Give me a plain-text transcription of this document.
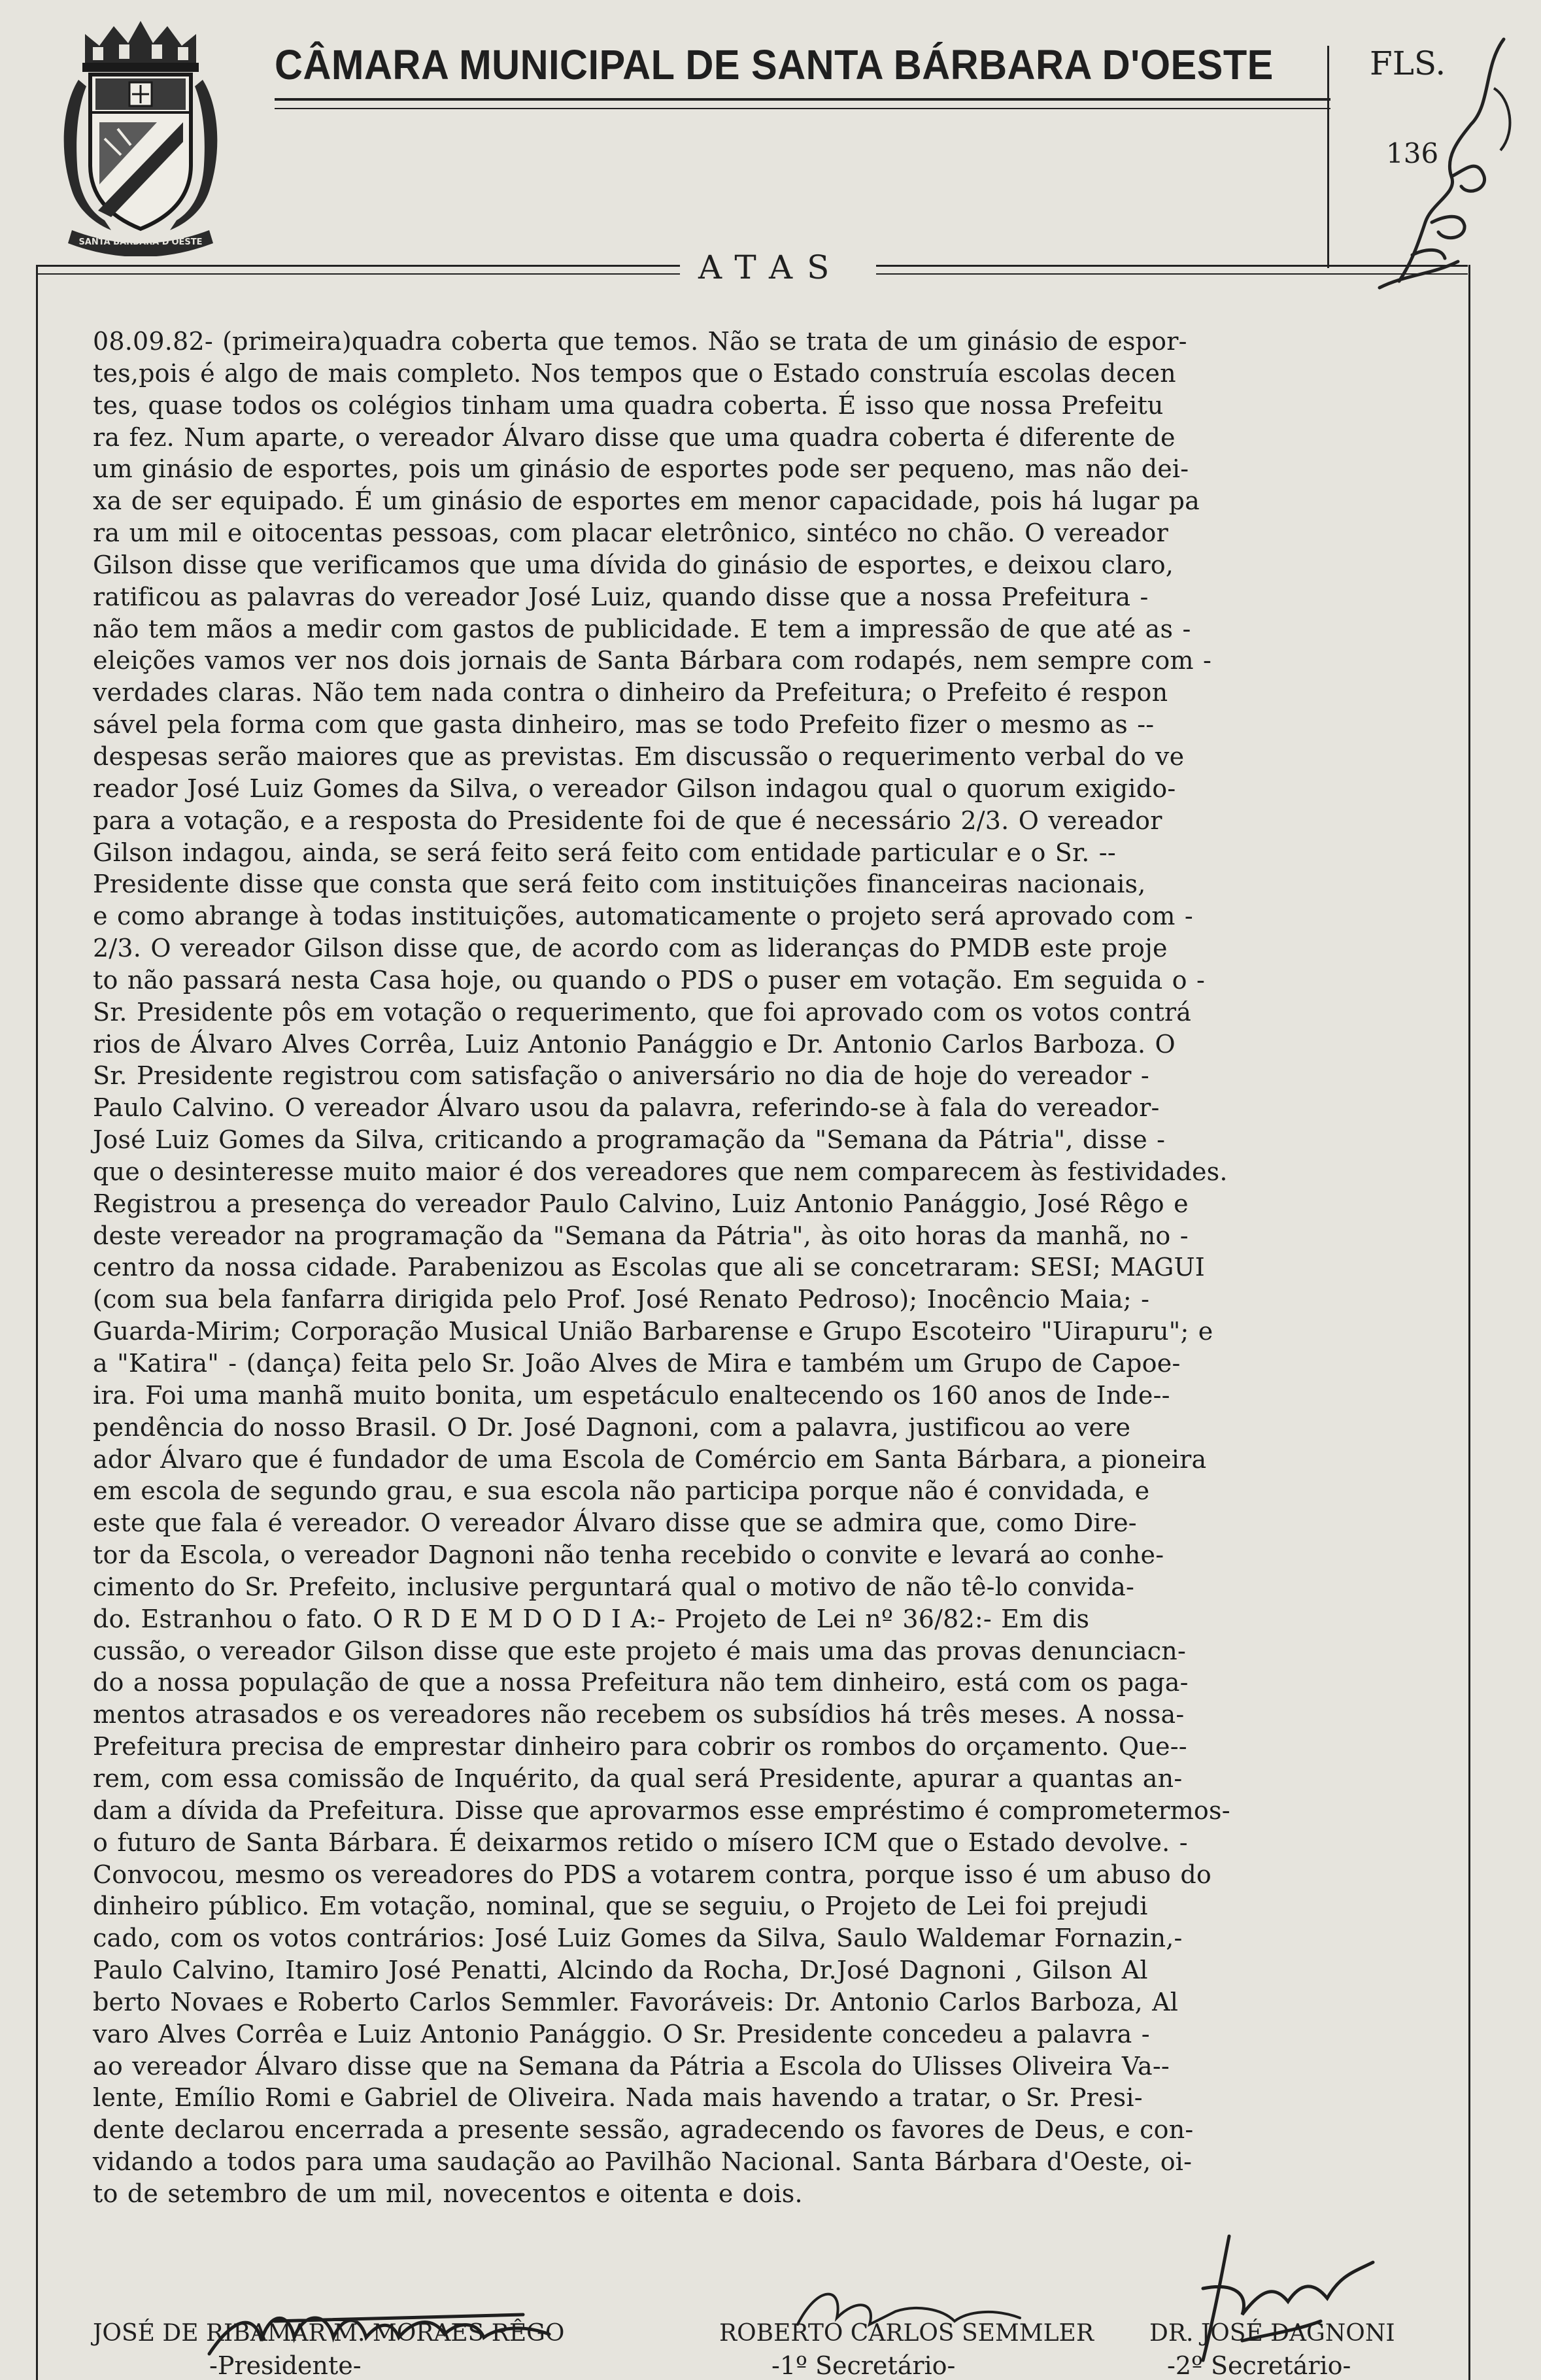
SANTA BÁRBARA D'OESTE
CÂMARA MUNICIPAL DE SANTA BÁRBARA D'OESTE	FLS.
136
ATAS
08.09.82- (primeira)quadra coberta que temos. Não se trata de um ginásio de espor-
tes,pois é algo de mais completo. Nos tempos que o Estado construía escolas decen
tes, quase todos os colégios tinham uma quadra coberta. É isso que nossa Prefeitu
ra fez. Num aparte, o vereador Álvaro disse que uma quadra coberta é diferente de
um ginásio de esportes, pois um ginásio de esportes pode ser pequeno, mas não dei-
xa de ser equipado. É um ginásio de esportes em menor capacidade, pois há lugar pa
ra um mil e oitocentas pessoas, com placar eletrônico, sintéco no chão. O vereador
Gilson disse que verificamos que uma dívida do ginásio de esportes, e deixou claro,
ratificou as palavras do vereador José Luiz, quando disse que a nossa Prefeitura -
não tem mãos a medir com gastos de publicidade. E tem a impressão de que até as -
eleições vamos ver nos dois jornais de Santa Bárbara com rodapés, nem sempre com -
verdades claras. Não tem nada contra o dinheiro da Prefeitura; o Prefeito é respon
sável pela forma com que gasta dinheiro, mas se todo Prefeito fizer o mesmo as --
despesas serão maiores que as previstas. Em discussão o requerimento verbal do ve
reador José Luiz Gomes da Silva, o vereador Gilson indagou qual o quorum exigido-
para a votação, e a resposta do Presidente foi de que é necessário 2/3. O vereador
Gilson indagou, ainda, se será feito será feito com entidade particular e o Sr. --
Presidente disse que consta que será feito com instituições financeiras nacionais,
e como abrange à todas instituições, automaticamente o projeto será aprovado com -
2/3. O vereador Gilson disse que, de acordo com as lideranças do PMDB este proje
to não passará nesta Casa hoje, ou quando o PDS o puser em votação. Em seguida o -
Sr. Presidente pôs em votação o requerimento, que foi aprovado com os votos contrá
rios de Álvaro Alves Corrêa, Luiz Antonio Panággio e Dr. Antonio Carlos Barboza. O
Sr. Presidente registrou com satisfação o aniversário no dia de hoje do vereador -
Paulo Calvino. O vereador Álvaro usou da palavra, referindo-se à fala do vereador-
José Luiz Gomes da Silva, criticando a programação da "Semana da Pátria", disse -
que o desinteresse muito maior é dos vereadores que nem comparecem às festividades.
Registrou a presença do vereador Paulo Calvino, Luiz Antonio Panággio, José Rêgo e
deste vereador na programação da "Semana da Pátria", às oito horas da manhã, no -
centro da nossa cidade. Parabenizou as Escolas que ali se concetraram: SESI; MAGUI
(com sua bela fanfarra dirigida pelo Prof. José Renato Pedroso); Inocêncio Maia; -
Guarda-Mirim; Corporação Musical União Barbarense e Grupo Escoteiro "Uirapuru"; e
a "Katira" - (dança) feita pelo Sr. João Alves de Mira e também um Grupo de Capoe-
ira. Foi uma manhã muito bonita, um espetáculo enaltecendo os 160 anos de Inde--
pendência do nosso Brasil. O Dr. José Dagnoni, com a palavra, justificou ao vere
ador Álvaro que é fundador de uma Escola de Comércio em Santa Bárbara, a pioneira
em escola de segundo grau, e sua escola não participa porque não é convidada, e
este que fala é vereador. O vereador Álvaro disse que se admira que, como Dire-
tor da Escola, o vereador Dagnoni não tenha recebido o convite e levará ao conhe-
cimento do Sr. Prefeito, inclusive perguntará qual o motivo de não tê-lo convida-
do. Estranhou o fato. O R D E M D O D I A:- Projeto de Lei nº 36/82:- Em dis
cussão, o vereador Gilson disse que este projeto é mais uma das provas denunciacn-
do a nossa população de que a nossa Prefeitura não tem dinheiro, está com os paga-
mentos atrasados e os vereadores não recebem os subsídios há três meses. A nossa-
Prefeitura precisa de emprestar dinheiro para cobrir os rombos do orçamento. Que--
rem, com essa comissão de Inquérito, da qual será Presidente, apurar a quantas an-
dam a dívida da Prefeitura. Disse que aprovarmos esse empréstimo é comprometermos-
o futuro de Santa Bárbara. É deixarmos retido o mísero ICM que o Estado devolve. -
Convocou, mesmo os vereadores do PDS a votarem contra, porque isso é um abuso do
dinheiro público. Em votação, nominal, que se seguiu, o Projeto de Lei foi prejudi
cado, com os votos contrários: José Luiz Gomes da Silva, Saulo Waldemar Fornazin,-
Paulo Calvino, Itamiro José Penatti, Alcindo da Rocha, Dr.José Dagnoni , Gilson Al
berto Novaes e Roberto Carlos Semmler. Favoráveis: Dr. Antonio Carlos Barboza, Al
varo Alves Corrêa e Luiz Antonio Panággio. O Sr. Presidente concedeu a palavra -
ao vereador Álvaro disse que na Semana da Pátria a Escola do Ulisses Oliveira Va--
lente, Emílio Romi e Gabriel de Oliveira. Nada mais havendo a tratar, o Sr. Presi-
dente declarou encerrada a presente sessão, agradecendo os favores de Deus, e con-
vidando a todos para uma saudação ao Pavilhão Nacional. Santa Bárbara d'Oeste, oi-
to de setembro de um mil, novecentos e oitenta e dois.
JOSÉ DE RIBAMAR M. MORAES RÊGO
-Presidente-
ROBERTO CARLOS SEMMLER
-1º Secretário-
DR. JOSÉ DAGNONI
-2º Secretário-
